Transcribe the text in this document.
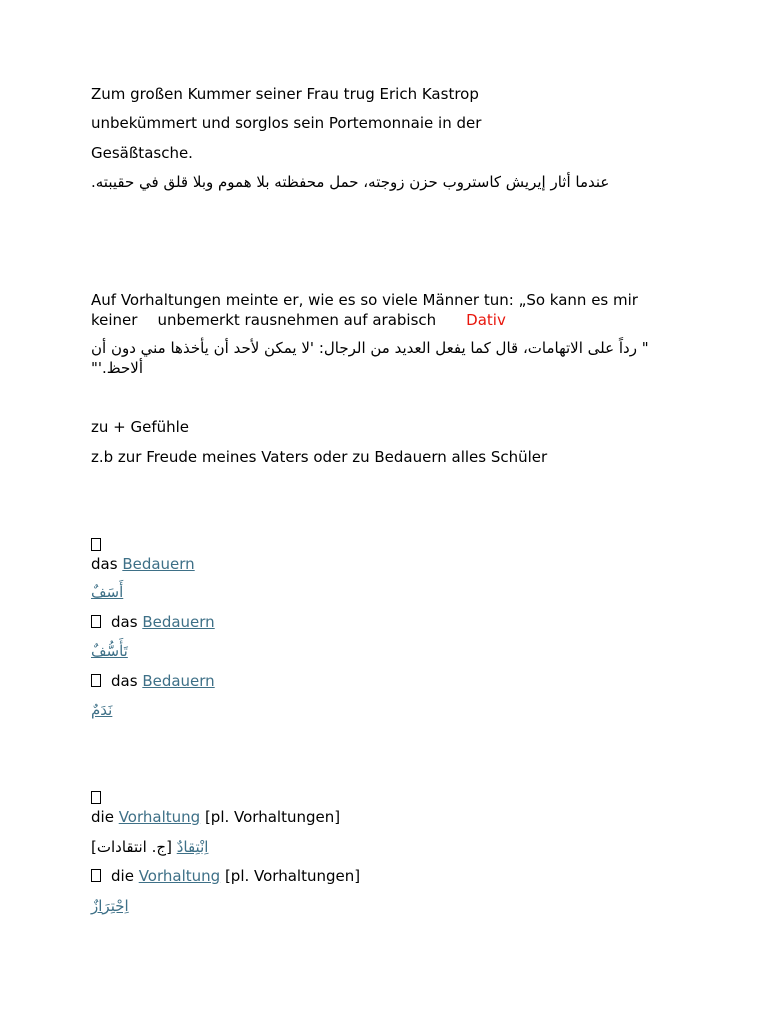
Zum großen Kummer seiner Frau trug Erich Kastrop
unbekümmert und sorglos sein Portemonnaie in der
Gesäßtasche.
عندما أثار إيريش كاستروب حزن زوجته، حمل محفظته بلا هموم وبلا قلق في حقيبته.
Auf Vorhaltungen meinte er, wie es so viele Männer tun: „So kann es mir
keiner unbemerkt rausnehmen auf arabisch Dativ
" رداً على الاتهامات، قال كما يفعل العديد من الرجال: 'لا يمكن لأحد أن يأخذها مني دون أن
ألاحظ.'"
zu + Gefühle
z.b zur Freude meines Vaters oder zu Bedauern alles Schüler
das Bedauern
أَسَفٌ
das Bedauern
تَأَسُّفٌ
das Bedauern
نَدَمٌ
die Vorhaltung [pl. Vorhaltungen]
[ج. انتقادات] اِنْتِقادٌ
die Vorhaltung [pl. Vorhaltungen]
اِحْتِرَازٌ
